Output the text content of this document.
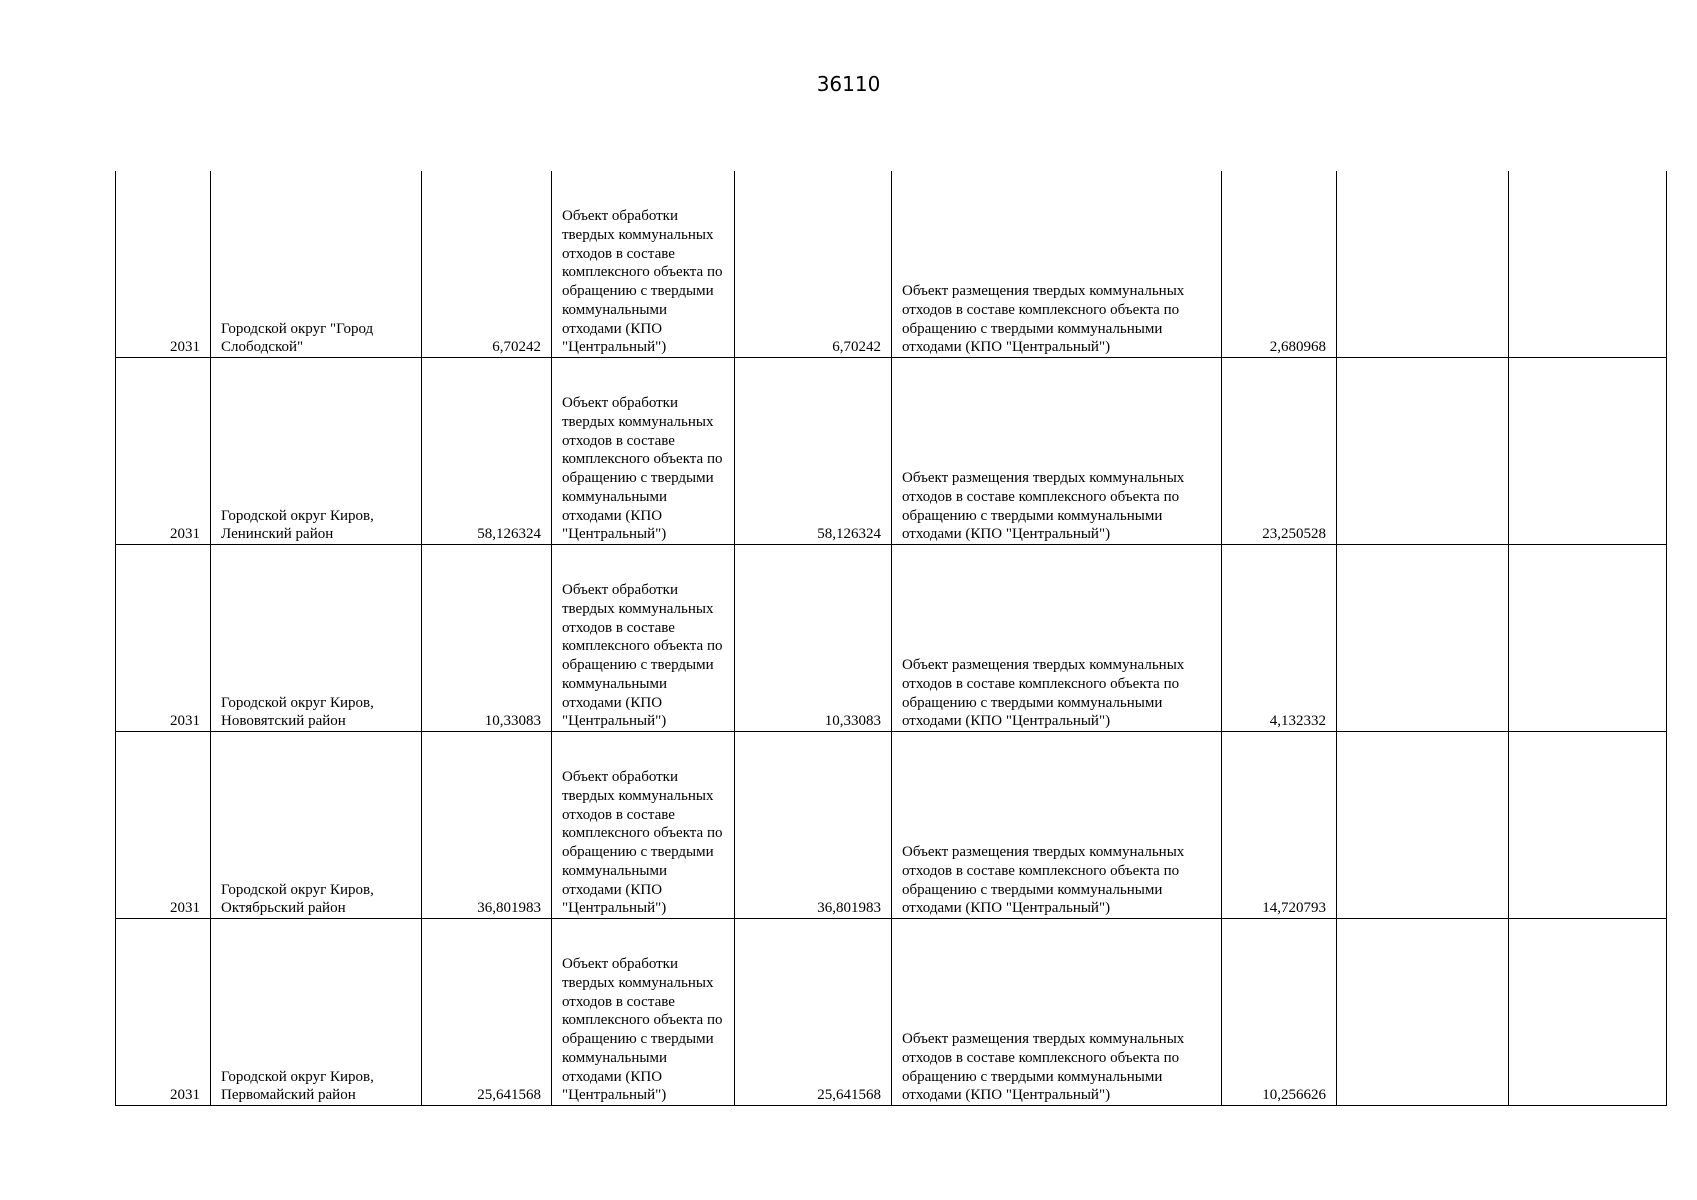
36110
2031	Городской округ "Город Слободской"	6,70242	Объект обработки твердых коммунальных отходов в составе комплексного объекта по обращению с твердыми коммунальными отходами (КПО "Центральный")	6,70242	Объект размещения твердых коммунальных отходов в составе комплексного объекта по обращению с твердыми коммунальными отходами (КПО "Центральный")	2,680968		
2031	Городской округ Киров, Ленинский район	58,126324	Объект обработки твердых коммунальных отходов в составе комплексного объекта по обращению с твердыми коммунальными отходами (КПО "Центральный")	58,126324	Объект размещения твердых коммунальных отходов в составе комплексного объекта по обращению с твердыми коммунальными отходами (КПО "Центральный")	23,250528		
2031	Городской округ Киров, Нововятский район	10,33083	Объект обработки твердых коммунальных отходов в составе комплексного объекта по обращению с твердыми коммунальными отходами (КПО "Центральный")	10,33083	Объект размещения твердых коммунальных отходов в составе комплексного объекта по обращению с твердыми коммунальными отходами (КПО "Центральный")	4,132332		
2031	Городской округ Киров, Октябрьский район	36,801983	Объект обработки твердых коммунальных отходов в составе комплексного объекта по обращению с твердыми коммунальными отходами (КПО "Центральный")	36,801983	Объект размещения твердых коммунальных отходов в составе комплексного объекта по обращению с твердыми коммунальными отходами (КПО "Центральный")	14,720793		
2031	Городской округ Киров, Первомайский район	25,641568	Объект обработки твердых коммунальных отходов в составе комплексного объекта по обращению с твердыми коммунальными отходами (КПО "Центральный")	25,641568	Объект размещения твердых коммунальных отходов в составе комплексного объекта по обращению с твердыми коммунальными отходами (КПО "Центральный")	10,256626		
